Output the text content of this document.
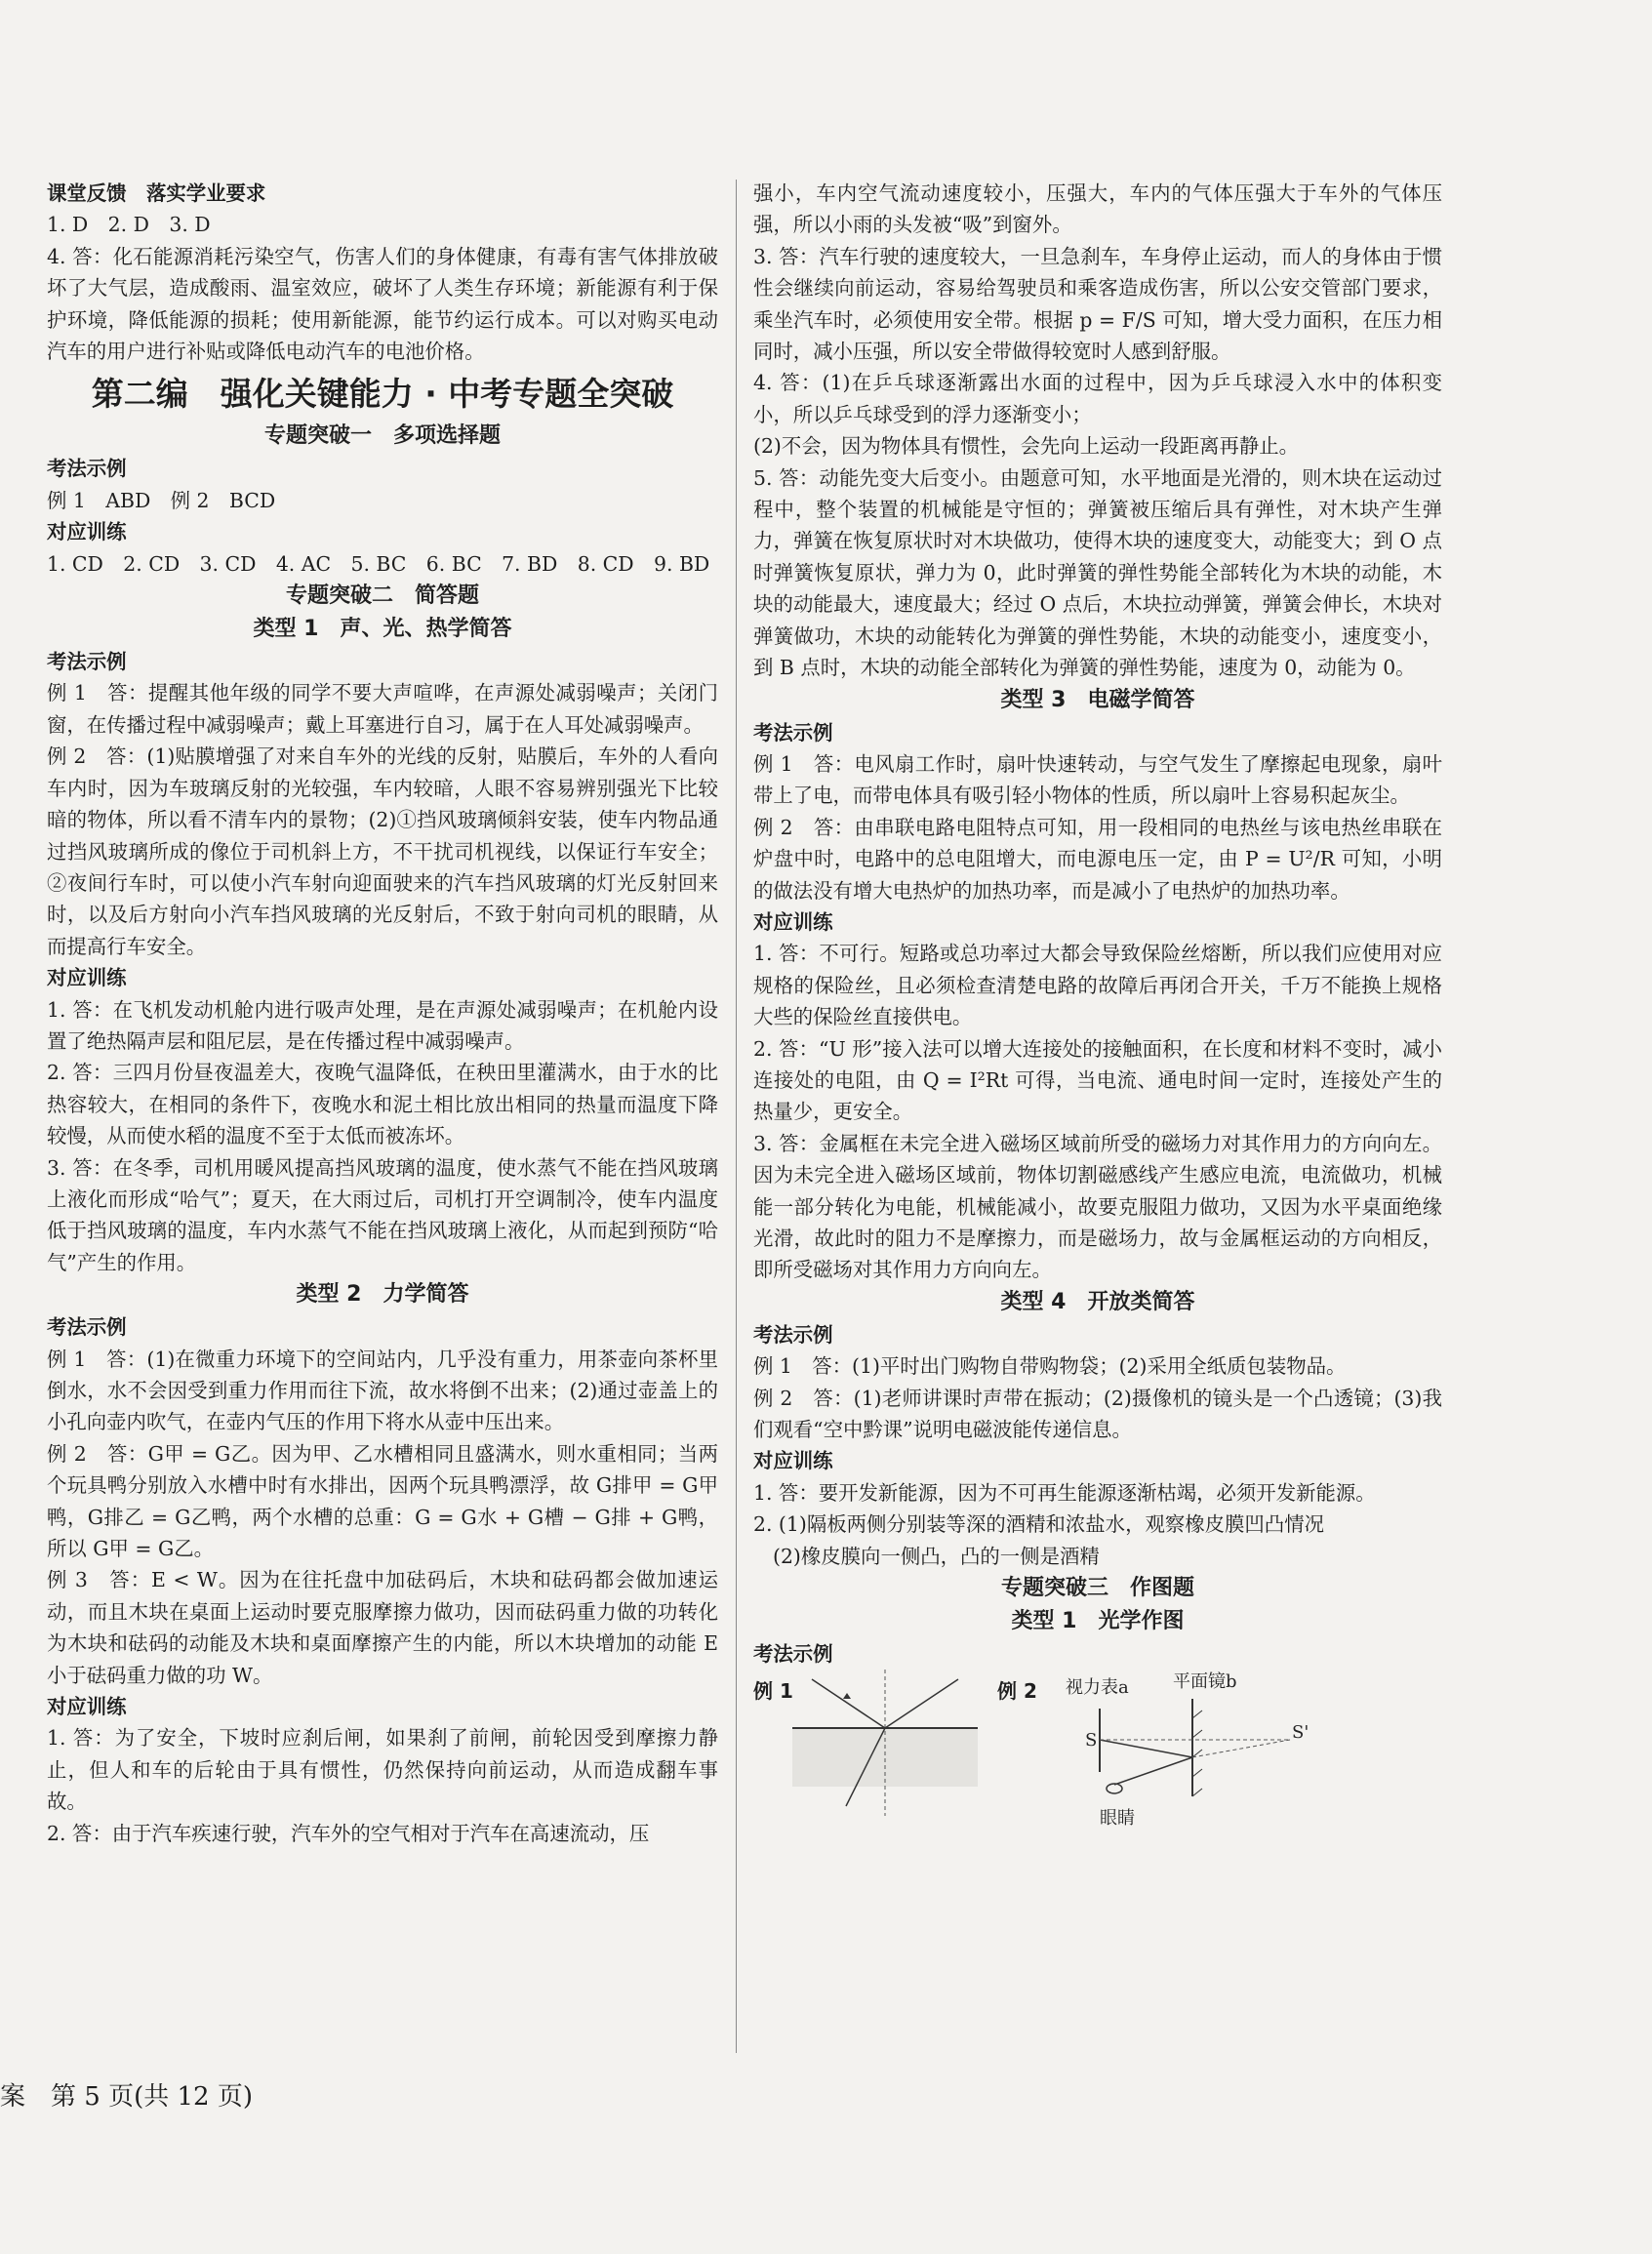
课堂反馈　落实学业要求

1. D　2. D　3. D

4. 答：化石能源消耗污染空气，伤害人们的身体健康，有毒有害气体排放破坏了大气层，造成酸雨、温室效应，破坏了人类生存环境；新能源有利于保护环境，降低能源的损耗；使用新能源，能节约运行成本。可以对购买电动汽车的用户进行补贴或降低电动汽车的电池价格。

第二编　强化关键能力 · 中考专题全突破
专题突破一　多项选择题

考法示例

例 1　ABD　例 2　BCD

对应训练

1. CD　2. CD　3. CD　4. AC　5. BC　6. BC　7. BD　8. CD　9. BD

专题突破二　简答题
类型 1　声、光、热学简答

考法示例

例 1　答：提醒其他年级的同学不要大声喧哗，在声源处减弱噪声；关闭门窗，在传播过程中减弱噪声；戴上耳塞进行自习，属于在人耳处减弱噪声。

例 2　答：(1)贴膜增强了对来自车外的光线的反射，贴膜后，车外的人看向车内时，因为车玻璃反射的光较强，车内较暗，人眼不容易辨别强光下比较暗的物体，所以看不清车内的景物；(2)①挡风玻璃倾斜安装，使车内物品通过挡风玻璃所成的像位于司机斜上方，不干扰司机视线，以保证行车安全；②夜间行车时，可以使小汽车射向迎面驶来的汽车挡风玻璃的灯光反射回来时，以及后方射向小汽车挡风玻璃的光反射后，不致于射向司机的眼睛，从而提高行车安全。

对应训练

1. 答：在飞机发动机舱内进行吸声处理，是在声源处减弱噪声；在机舱内设置了绝热隔声层和阻尼层，是在传播过程中减弱噪声。

2. 答：三四月份昼夜温差大，夜晚气温降低，在秧田里灌满水，由于水的比热容较大，在相同的条件下，夜晚水和泥土相比放出相同的热量而温度下降较慢，从而使水稻的温度不至于太低而被冻坏。

3. 答：在冬季，司机用暖风提高挡风玻璃的温度，使水蒸气不能在挡风玻璃上液化而形成“哈气”；夏天，在大雨过后，司机打开空调制冷，使车内温度低于挡风玻璃的温度，车内水蒸气不能在挡风玻璃上液化，从而起到预防“哈气”产生的作用。

类型 2　力学简答

考法示例

例 1　答：(1)在微重力环境下的空间站内，几乎没有重力，用茶壶向茶杯里倒水，水不会因受到重力作用而往下流，故水将倒不出来；(2)通过壶盖上的小孔向壶内吹气，在壶内气压的作用下将水从壶中压出来。

例 2　答：G甲 = G乙。因为甲、乙水槽相同且盛满水，则水重相同；当两个玩具鸭分别放入水槽中时有水排出，因两个玩具鸭漂浮，故 G排甲 = G甲鸭，G排乙 = G乙鸭，两个水槽的总重：G = G水 + G槽 − G排 + G鸭，所以 G甲 = G乙。

例 3　答：E < W。因为在往托盘中加砝码后，木块和砝码都会做加速运动，而且木块在桌面上运动时要克服摩擦力做功，因而砝码重力做的功转化为木块和砝码的动能及木块和桌面摩擦产生的内能，所以木块增加的动能 E 小于砝码重力做的功 W。

对应训练

1. 答：为了安全，下坡时应刹后闸，如果刹了前闸，前轮因受到摩擦力静止，但人和车的后轮由于具有惯性，仍然保持向前运动，从而造成翻车事故。

2. 答：由于汽车疾速行驶，汽车外的空气相对于汽车在高速流动，压

强小，车内空气流动速度较小，压强大，车内的气体压强大于车外的气体压强，所以小雨的头发被“吸”到窗外。

3. 答：汽车行驶的速度较大，一旦急刹车，车身停止运动，而人的身体由于惯性会继续向前运动，容易给驾驶员和乘客造成伤害，所以公安交管部门要求，乘坐汽车时，必须使用安全带。根据 p = F/S 可知，增大受力面积，在压力相同时，减小压强，所以安全带做得较宽时人感到舒服。

4. 答：(1)在乒乓球逐渐露出水面的过程中，因为乒乓球浸入水中的体积变小，所以乒乓球受到的浮力逐渐变小；

(2)不会，因为物体具有惯性，会先向上运动一段距离再静止。

5. 答：动能先变大后变小。由题意可知，水平地面是光滑的，则木块在运动过程中，整个装置的机械能是守恒的；弹簧被压缩后具有弹性，对木块产生弹力，弹簧在恢复原状时对木块做功，使得木块的速度变大，动能变大；到 O 点时弹簧恢复原状，弹力为 0，此时弹簧的弹性势能全部转化为木块的动能，木块的动能最大，速度最大；经过 O 点后，木块拉动弹簧，弹簧会伸长，木块对弹簧做功，木块的动能转化为弹簧的弹性势能，木块的动能变小，速度变小，到 B 点时，木块的动能全部转化为弹簧的弹性势能，速度为 0，动能为 0。

类型 3　电磁学简答

考法示例

例 1　答：电风扇工作时，扇叶快速转动，与空气发生了摩擦起电现象，扇叶带上了电，而带电体具有吸引轻小物体的性质，所以扇叶上容易积起灰尘。

例 2　答：由串联电路电阻特点可知，用一段相同的电热丝与该电热丝串联在炉盘中时，电路中的总电阻增大，而电源电压一定，由 P = U²/R 可知，小明的做法没有增大电热炉的加热功率，而是减小了电热炉的加热功率。

对应训练

1. 答：不可行。短路或总功率过大都会导致保险丝熔断，所以我们应使用对应规格的保险丝，且必须检查清楚电路的故障后再闭合开关，千万不能换上规格大些的保险丝直接供电。

2. 答：“U 形”接入法可以增大连接处的接触面积，在长度和材料不变时，减小连接处的电阻，由 Q = I²Rt 可得，当电流、通电时间一定时，连接处产生的热量少，更安全。

3. 答：金属框在未完全进入磁场区域前所受的磁场力对其作用力的方向向左。因为未完全进入磁场区域前，物体切割磁感线产生感应电流，电流做功，机械能一部分转化为电能，机械能减小，故要克服阻力做功，又因为水平桌面绝缘光滑，故此时的阻力不是摩擦力，而是磁场力，故与金属框运动的方向相反，即所受磁场对其作用力方向向左。

类型 4　开放类简答

考法示例

例 1　答：(1)平时出门购物自带购物袋；(2)采用全纸质包装物品。

例 2　答：(1)老师讲课时声带在振动；(2)摄像机的镜头是一个凸透镜；(3)我们观看“空中黔课”说明电磁波能传递信息。

对应训练

1. 答：要开发新能源，因为不可再生能源逐渐枯竭，必须开发新能源。

2. (1)隔板两侧分别装等深的酒精和浓盐水，观察橡皮膜凹凸情况

(2)橡皮膜向一侧凸，凸的一侧是酒精

专题突破三　作图题
类型 1　光学作图

考法示例

例 1	例 2 视力表a	平面镜b
S	S'
眼睛
案　第 5 页(共 12 页)
